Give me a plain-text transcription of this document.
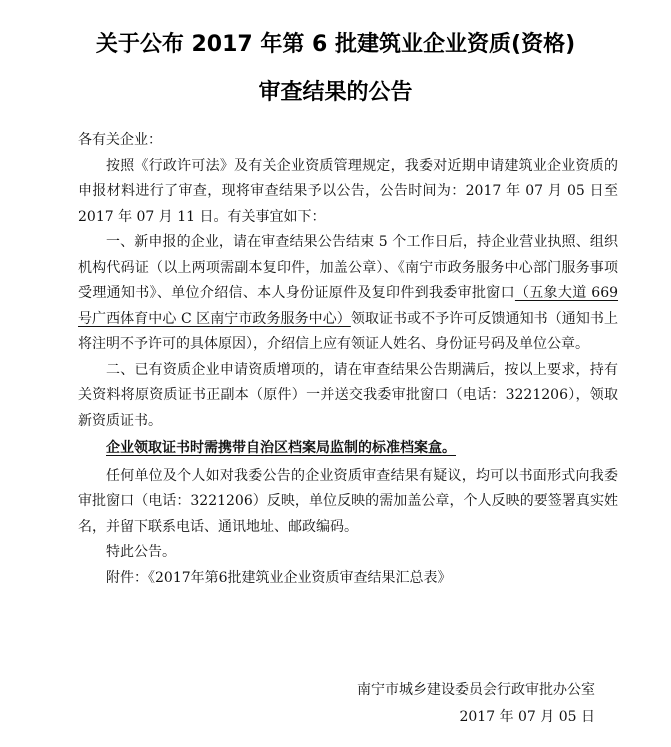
关于公布 2017 年第 6 批建筑业企业资质(资格)
审查结果的公告

各有关企业：

按照《行政许可法》及有关企业资质管理规定，我委对近期申请建筑业企业资质的申报材料进行了审查，现将审查结果予以公告，公告时间为：2017 年 07 月 05 日至 2017 年 07 月 11 日。有关事宜如下：

一、新申报的企业，请在审查结果公告结束 5 个工作日后，持企业营业执照、组织机构代码证（以上两项需副本复印件，加盖公章）、《南宁市政务服务中心部门服务事项受理通知书》、单位介绍信、本人身份证原件及复印件到我委审批窗口（五象大道 669 号广西体育中心 C 区南宁市政务服务中心）领取证书或不予许可反馈通知书（通知书上将注明不予许可的具体原因），介绍信上应有领证人姓名、身份证号码及单位公章。

二、已有资质企业申请资质增项的，请在审查结果公告期满后，按以上要求，持有关资料将原资质证书正副本（原件）一并送交我委审批窗口（电话：3221206），领取新资质证书。

企业领取证书时需携带自治区档案局监制的标准档案盒。

任何单位及个人如对我委公告的企业资质审查结果有疑议，均可以书面形式向我委审批窗口（电话：3221206）反映，单位反映的需加盖公章，个人反映的要签署真实姓名，并留下联系电话、通讯地址、邮政编码。

特此公告。

附件：《2017年第6批建筑业企业资质审查结果汇总表》

南宁市城乡建设委员会行政审批办公室
2017 年 07 月 05 日
